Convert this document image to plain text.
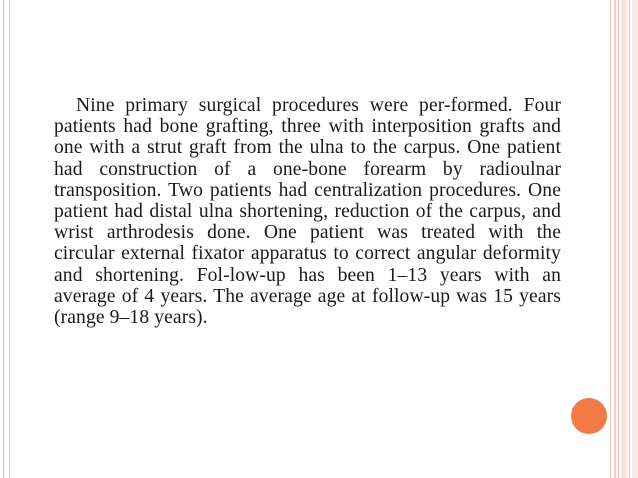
Nine primary surgical procedures were per-formed. Four patients had bone grafting, three with interposition grafts and one with a strut graft from the ulna to the carpus. One patient had construction of a one-bone forearm by radioulnar transposition. Two patients had centralization procedures. One patient had distal ulna shortening, reduction of the carpus, and wrist arthrodesis done. One patient was treated with the circular external fixator apparatus to correct angular deformity and shortening. Fol-low-up has been 1–13 years with an average of 4 years. The average age at follow-up was 15 years (range 9–18 years).
